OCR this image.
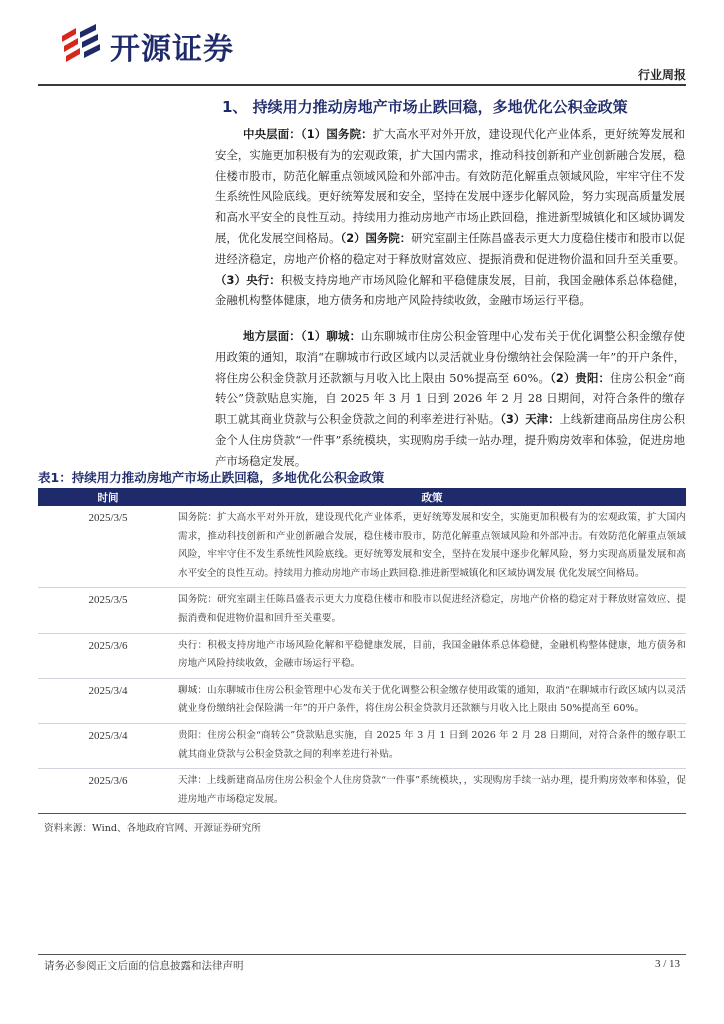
开源证券
行业周报
1、 持续用力推动房地产市场止跌回稳，多地优化公积金政策
中央层面：（1）国务院：扩大高水平对外开放，建设现代化产业体系，更好统筹发展和安全，实施更加积极有为的宏观政策，扩大国内需求，推动科技创新和产业创新融合发展，稳住楼市股市，防范化解重点领域风险和外部冲击。有效防范化解重点领域风险，牢牢守住不发生系统性风险底线。更好统筹发展和安全，坚持在发展中逐步化解风险，努力实现高质量发展和高水平安全的良性互动。持续用力推动房地产市场止跌回稳，推进新型城镇化和区域协调发展，优化发展空间格局。（2）国务院：研究室副主任陈昌盛表示更大力度稳住楼市和股市以促进经济稳定，房地产价格的稳定对于释放财富效应、提振消费和促进物价温和回升至关重要。（3）央行：积极支持房地产市场风险化解和平稳健康发展，目前，我国金融体系总体稳健，金融机构整体健康，地方债务和房地产风险持续收敛，金融市场运行平稳。
地方层面：（1）聊城：山东聊城市住房公积金管理中心发布关于优化调整公积金缴存使用政策的通知，取消“在聊城市行政区域内以灵活就业身份缴纳社会保险满一年”的开户条件，将住房公积金贷款月还款额与月收入比上限由 50%提高至 60%。（2）贵阳：住房公积金“商转公”贷款贴息实施，自 2025 年 3 月 1 日到 2026 年 2 月 28 日期间，对符合条件的缴存职工就其商业贷款与公积金贷款之间的利率差进行补贴。（3）天津：上线新建商品房住房公积金个人住房贷款“一件事”系统模块，实现购房手续一站办理，提升购房效率和体验，促进房地产市场稳定发展。
表1：持续用力推动房地产市场止跌回稳，多地优化公积金政策
时间	政策
2025/3/5	国务院：扩大高水平对外开放，建设现代化产业体系，更好统筹发展和安全，实施更加积极有为的宏观政策，扩大国内需求，推动科技创新和产业创新融合发展，稳住楼市股市，防范化解重点领域风险和外部冲击。有效防范化解重点领域风险，牢牢守住不发生系统性风险底线。更好统筹发展和安全，坚持在发展中逐步化解风险，努力实现高质量发展和高水平安全的良性互动。持续用力推动房地产市场止跌回稳.推进新型城镇化和区域协调发展 优化发展空间格局。
2025/3/5	国务院：研究室副主任陈昌盛表示更大力度稳住楼市和股市以促进经济稳定，房地产价格的稳定对于释放财富效应、提振消费和促进物价温和回升至关重要。
2025/3/6	央行：积极支持房地产市场风险化解和平稳健康发展，目前，我国金融体系总体稳健，金融机构整体健康，地方债务和房地产风险持续收敛，金融市场运行平稳。
2025/3/4	聊城：山东聊城市住房公积金管理中心发布关于优化调整公积金缴存使用政策的通知，取消“在聊城市行政区域内以灵活就业身份缴纳社会保险满一年”的开户条件，将住房公积金贷款月还款额与月收入比上限由 50%提高至 60%。
2025/3/4	贵阳：住房公积金“商转公”贷款贴息实施，自 2025 年 3 月 1 日到 2026 年 2 月 28 日期间，对符合条件的缴存职工就其商业贷款与公积金贷款之间的利率差进行补贴。
2025/3/6	天津：上线新建商品房住房公积金个人住房贷款“一件事”系统模块，，实现购房手续一站办理，提升购房效率和体验，促进房地产市场稳定发展。
资料来源：Wind、各地政府官网、开源证券研究所
请务必参阅正文后面的信息披露和法律声明	3 / 13
